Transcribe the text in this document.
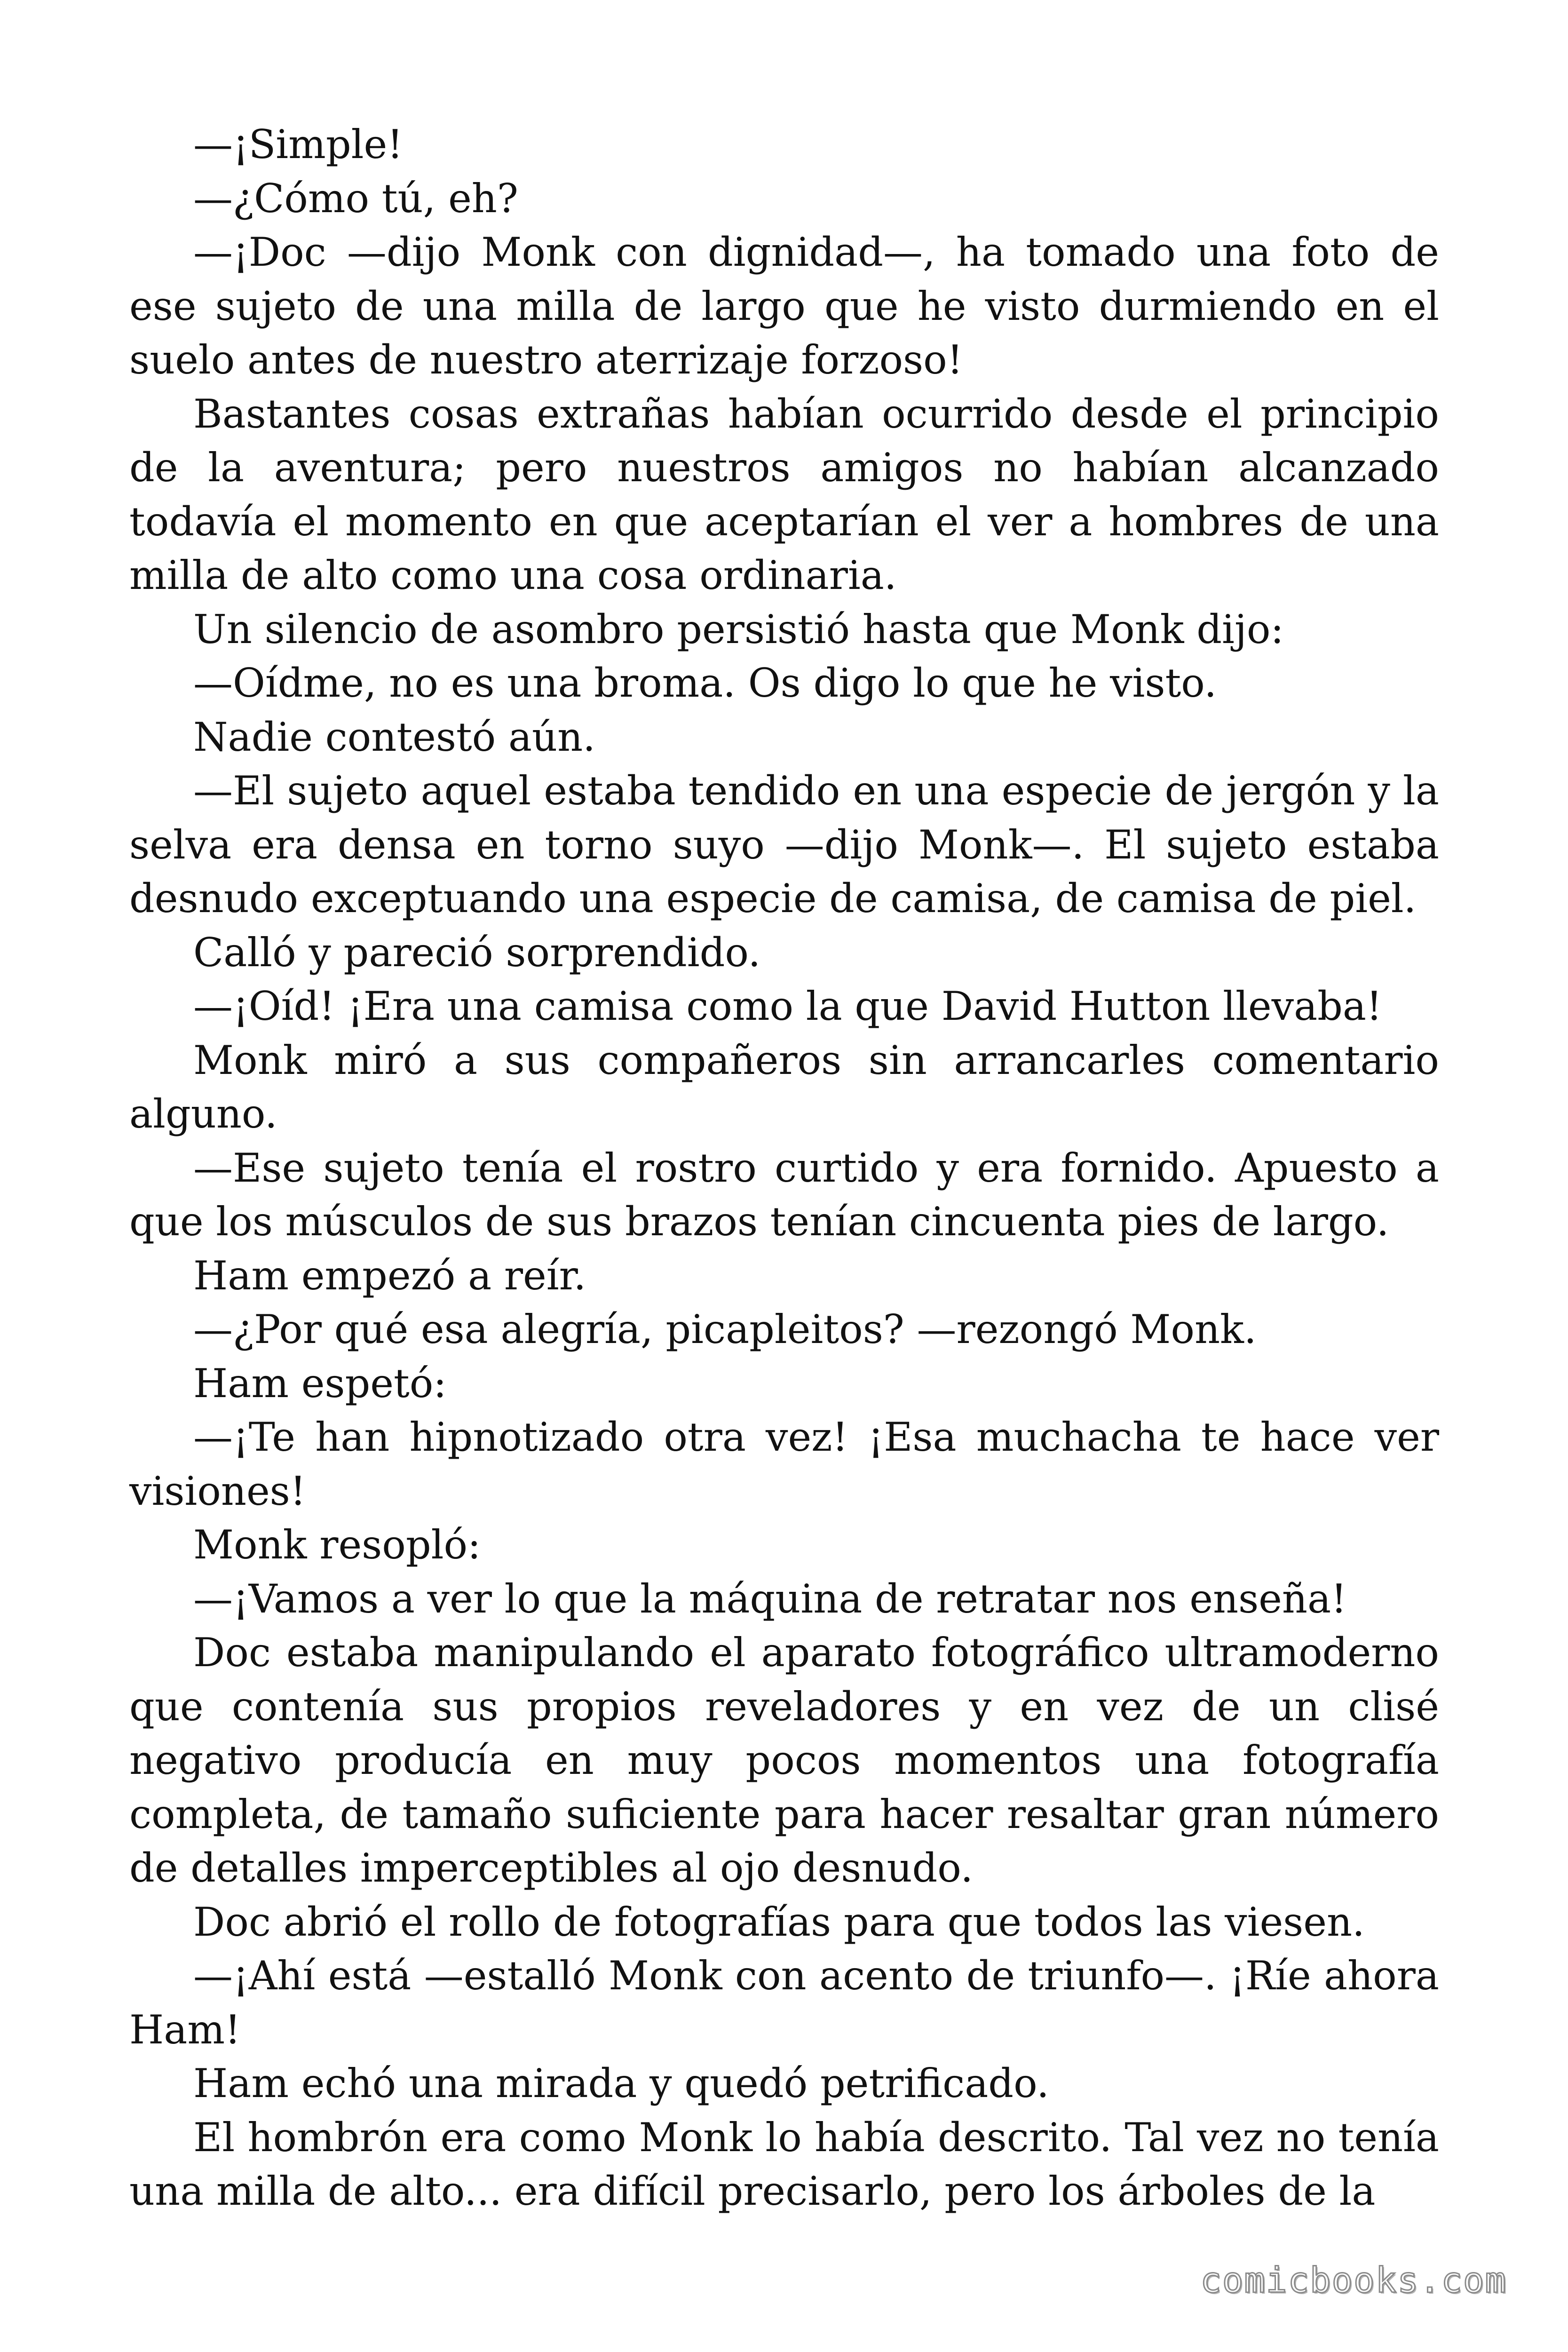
—¡Simple!

—¿Cómo tú, eh?

—¡Doc —dijo Monk con dignidad—, ha tomado una foto de ese sujeto de una milla de largo que he visto durmiendo en el suelo antes de nuestro aterrizaje forzoso!

Bastantes cosas extrañas habían ocurrido desde el principio de la aventura; pero nuestros amigos no habían alcanzado todavía el momento en que aceptarían el ver a hombres de una milla de alto como una cosa ordinaria.

Un silencio de asombro persistió hasta que Monk dijo:

—Oídme, no es una broma. Os digo lo que he visto.

Nadie contestó aún.

—El sujeto aquel estaba tendido en una especie de jergón y la selva era densa en torno suyo —dijo Monk—. El sujeto estaba desnudo exceptuando una especie de camisa, de camisa de piel.

Calló y pareció sorprendido.

—¡Oíd! ¡Era una camisa como la que David Hutton llevaba!

Monk miró a sus compañeros sin arrancarles comentario alguno.

—Ese sujeto tenía el rostro curtido y era fornido. Apuesto a que los músculos de sus brazos tenían cincuenta pies de largo.

Ham empezó a reír.

—¿Por qué esa alegría, picapleitos? —rezongó Monk.

Ham espetó:

—¡Te han hipnotizado otra vez! ¡Esa muchacha te hace ver visiones!

Monk resopló:

—¡Vamos a ver lo que la máquina de retratar nos enseña!

Doc estaba manipulando el aparato fotográfico ultramoderno que contenía sus propios reveladores y en vez de un clisé negativo producía en muy pocos momentos una fotografía completa, de tamaño suficiente para hacer resaltar gran número de detalles imperceptibles al ojo desnudo.

Doc abrió el rollo de fotografías para que todos las viesen.

—¡Ahí está —estalló Monk con acento de triunfo—. ¡Ríe ahora Ham!

Ham echó una mirada y quedó petrificado.

El hombrón era como Monk lo había descrito. Tal vez no tenía una milla de alto... era difícil precisarlo, pero los árboles de la

comicbooks.com
